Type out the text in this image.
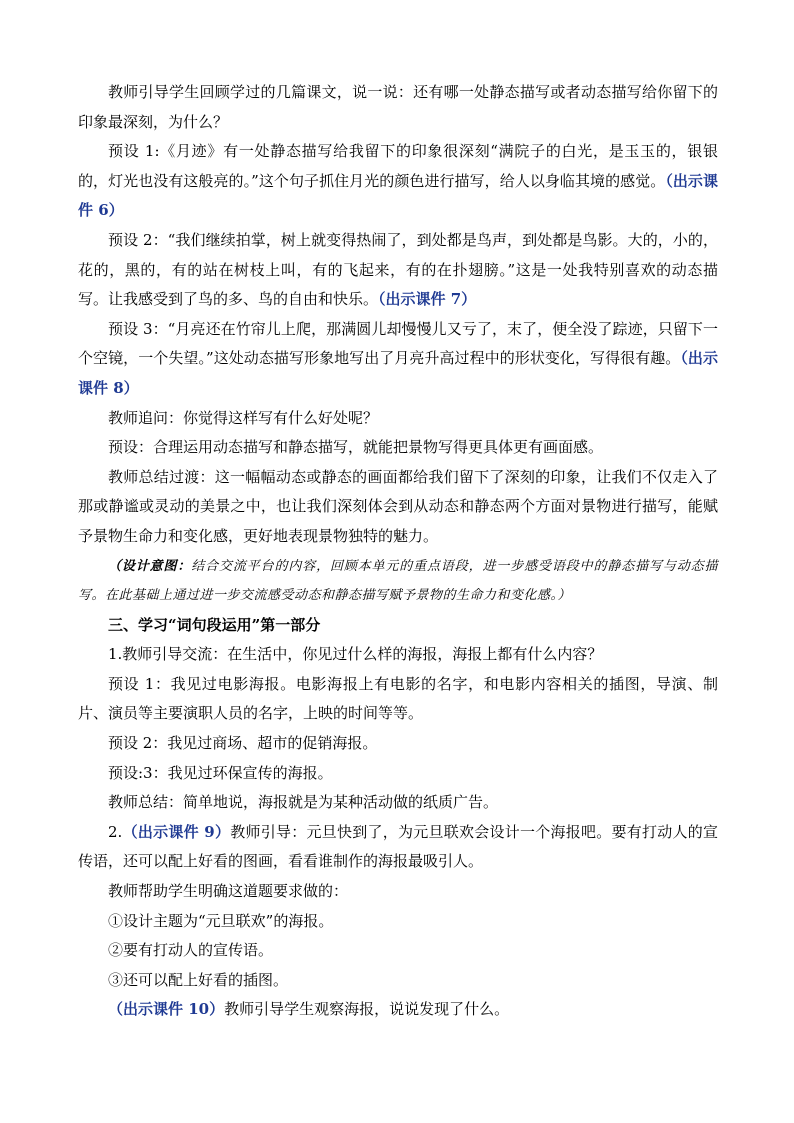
教师引导学生回顾学过的几篇课文，说一说：还有哪一处静态描写或者动态描写给你留下的印象最深刻，为什么？

预设 1:《月迹》有一处静态描写给我留下的印象很深刻“满院子的白光，是玉玉的，银银的，灯光也没有这般亮的。”这个句子抓住月光的颜色进行描写，给人以身临其境的感觉。（出示课件 6）

预设 2：“我们继续拍掌，树上就变得热闹了，到处都是鸟声，到处都是鸟影。大的，小的，花的，黑的，有的站在树枝上叫，有的飞起来，有的在扑翅膀。”这是一处我特别喜欢的动态描写。让我感受到了鸟的多、鸟的自由和快乐。（出示课件 7）

预设 3：“月亮还在竹帘儿上爬，那满圆儿却慢慢儿又亏了，末了，便全没了踪迹，只留下一个空镜，一个失望。”这处动态描写形象地写出了月亮升高过程中的形状变化，写得很有趣。（出示课件 8）

教师追问：你觉得这样写有什么好处呢？

预设：合理运用动态描写和静态描写，就能把景物写得更具体更有画面感。

教师总结过渡：这一幅幅动态或静态的画面都给我们留下了深刻的印象，让我们不仅走入了那或静谧或灵动的美景之中，也让我们深刻体会到从动态和静态两个方面对景物进行描写，能赋予景物生命力和变化感，更好地表现景物独特的魅力。

（设计意图：结合交流平台的内容，回顾本单元的重点语段，进一步感受语段中的静态描写与动态描写。在此基础上通过进一步交流感受动态和静态描写赋予景物的生命力和变化感。）

三、学习“词句段运用”第一部分

1.教师引导交流：在生活中，你见过什么样的海报，海报上都有什么内容？

预设 1：我见过电影海报。电影海报上有电影的名字，和电影内容相关的插图，导演、制片、演员等主要演职人员的名字，上映的时间等等。

预设 2：我见过商场、超市的促销海报。

预设:3：我见过环保宣传的海报。

教师总结：简单地说，海报就是为某种活动做的纸质广告。

2.（出示课件 9）教师引导：元旦快到了，为元旦联欢会设计一个海报吧。要有打动人的宣传语，还可以配上好看的图画，看看谁制作的海报最吸引人。

教师帮助学生明确这道题要求做的：

①设计主题为“元旦联欢”的海报。

②要有打动人的宣传语。

③还可以配上好看的插图。

（出示课件 10）教师引导学生观察海报，说说发现了什么。
